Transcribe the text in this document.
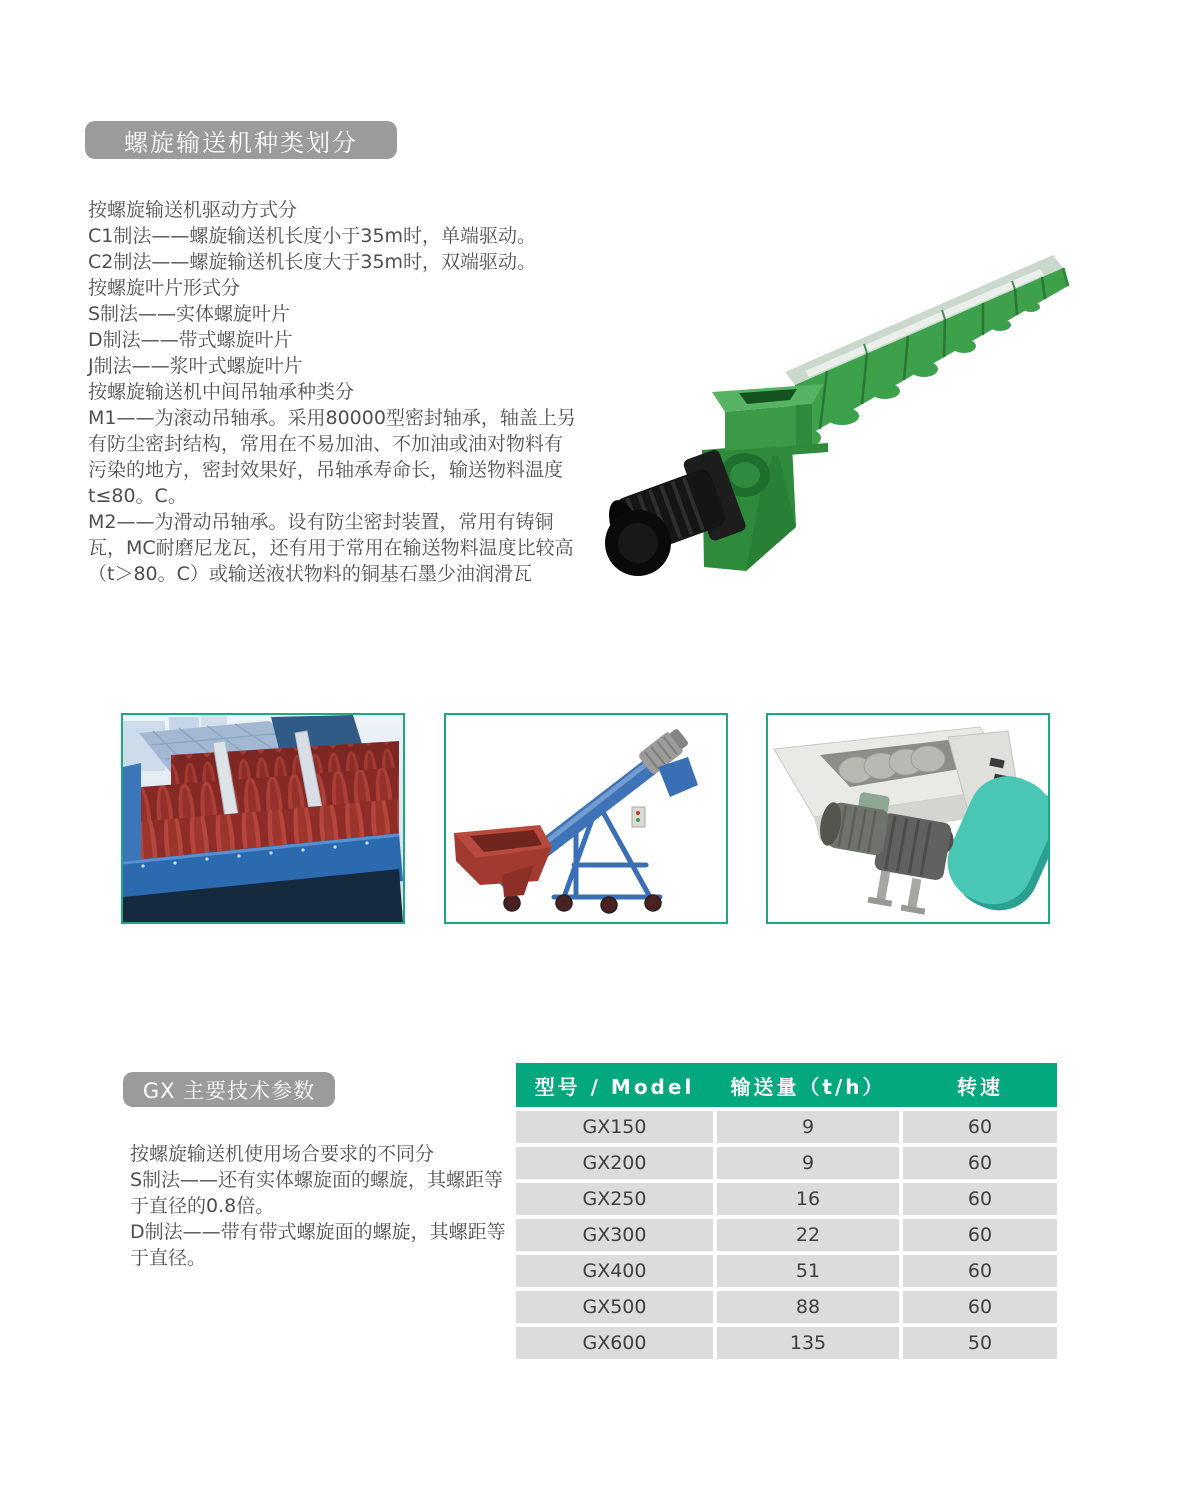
螺旋输送机种类划分
按螺旋输送机驱动方式分
C1制法——螺旋输送机长度小于35m时，单端驱动。
C2制法——螺旋输送机长度大于35m时，双端驱动。
按螺旋叶片形式分
S制法——实体螺旋叶片
D制法——带式螺旋叶片
J制法——浆叶式螺旋叶片
按螺旋输送机中间吊轴承种类分
M1——为滚动吊轴承。采用80000型密封轴承，轴盖上另
有防尘密封结构，常用在不易加油、不加油或油对物料有
污染的地方，密封效果好，吊轴承寿命长，输送物料温度
t≤80。C。
M2——为滑动吊轴承。设有防尘密封装置，常用有铸铜
瓦，MC耐磨尼龙瓦，还有用于常用在输送物料温度比较高
（t＞80。C）或输送液状物料的铜基石墨少油润滑瓦
GX 主要技术参数
按螺旋输送机使用场合要求的不同分
S制法——还有实体螺旋面的螺旋，其螺距等
于直径的0.8倍。
D制法——带有带式螺旋面的螺旋，其螺距等
于直径。
型号 / Model	输送量（t/h）	转速
GX150	9	60
GX200	9	60
GX250	16	60
GX300	22	60
GX400	51	60
GX500	88	60
GX600	135	50
